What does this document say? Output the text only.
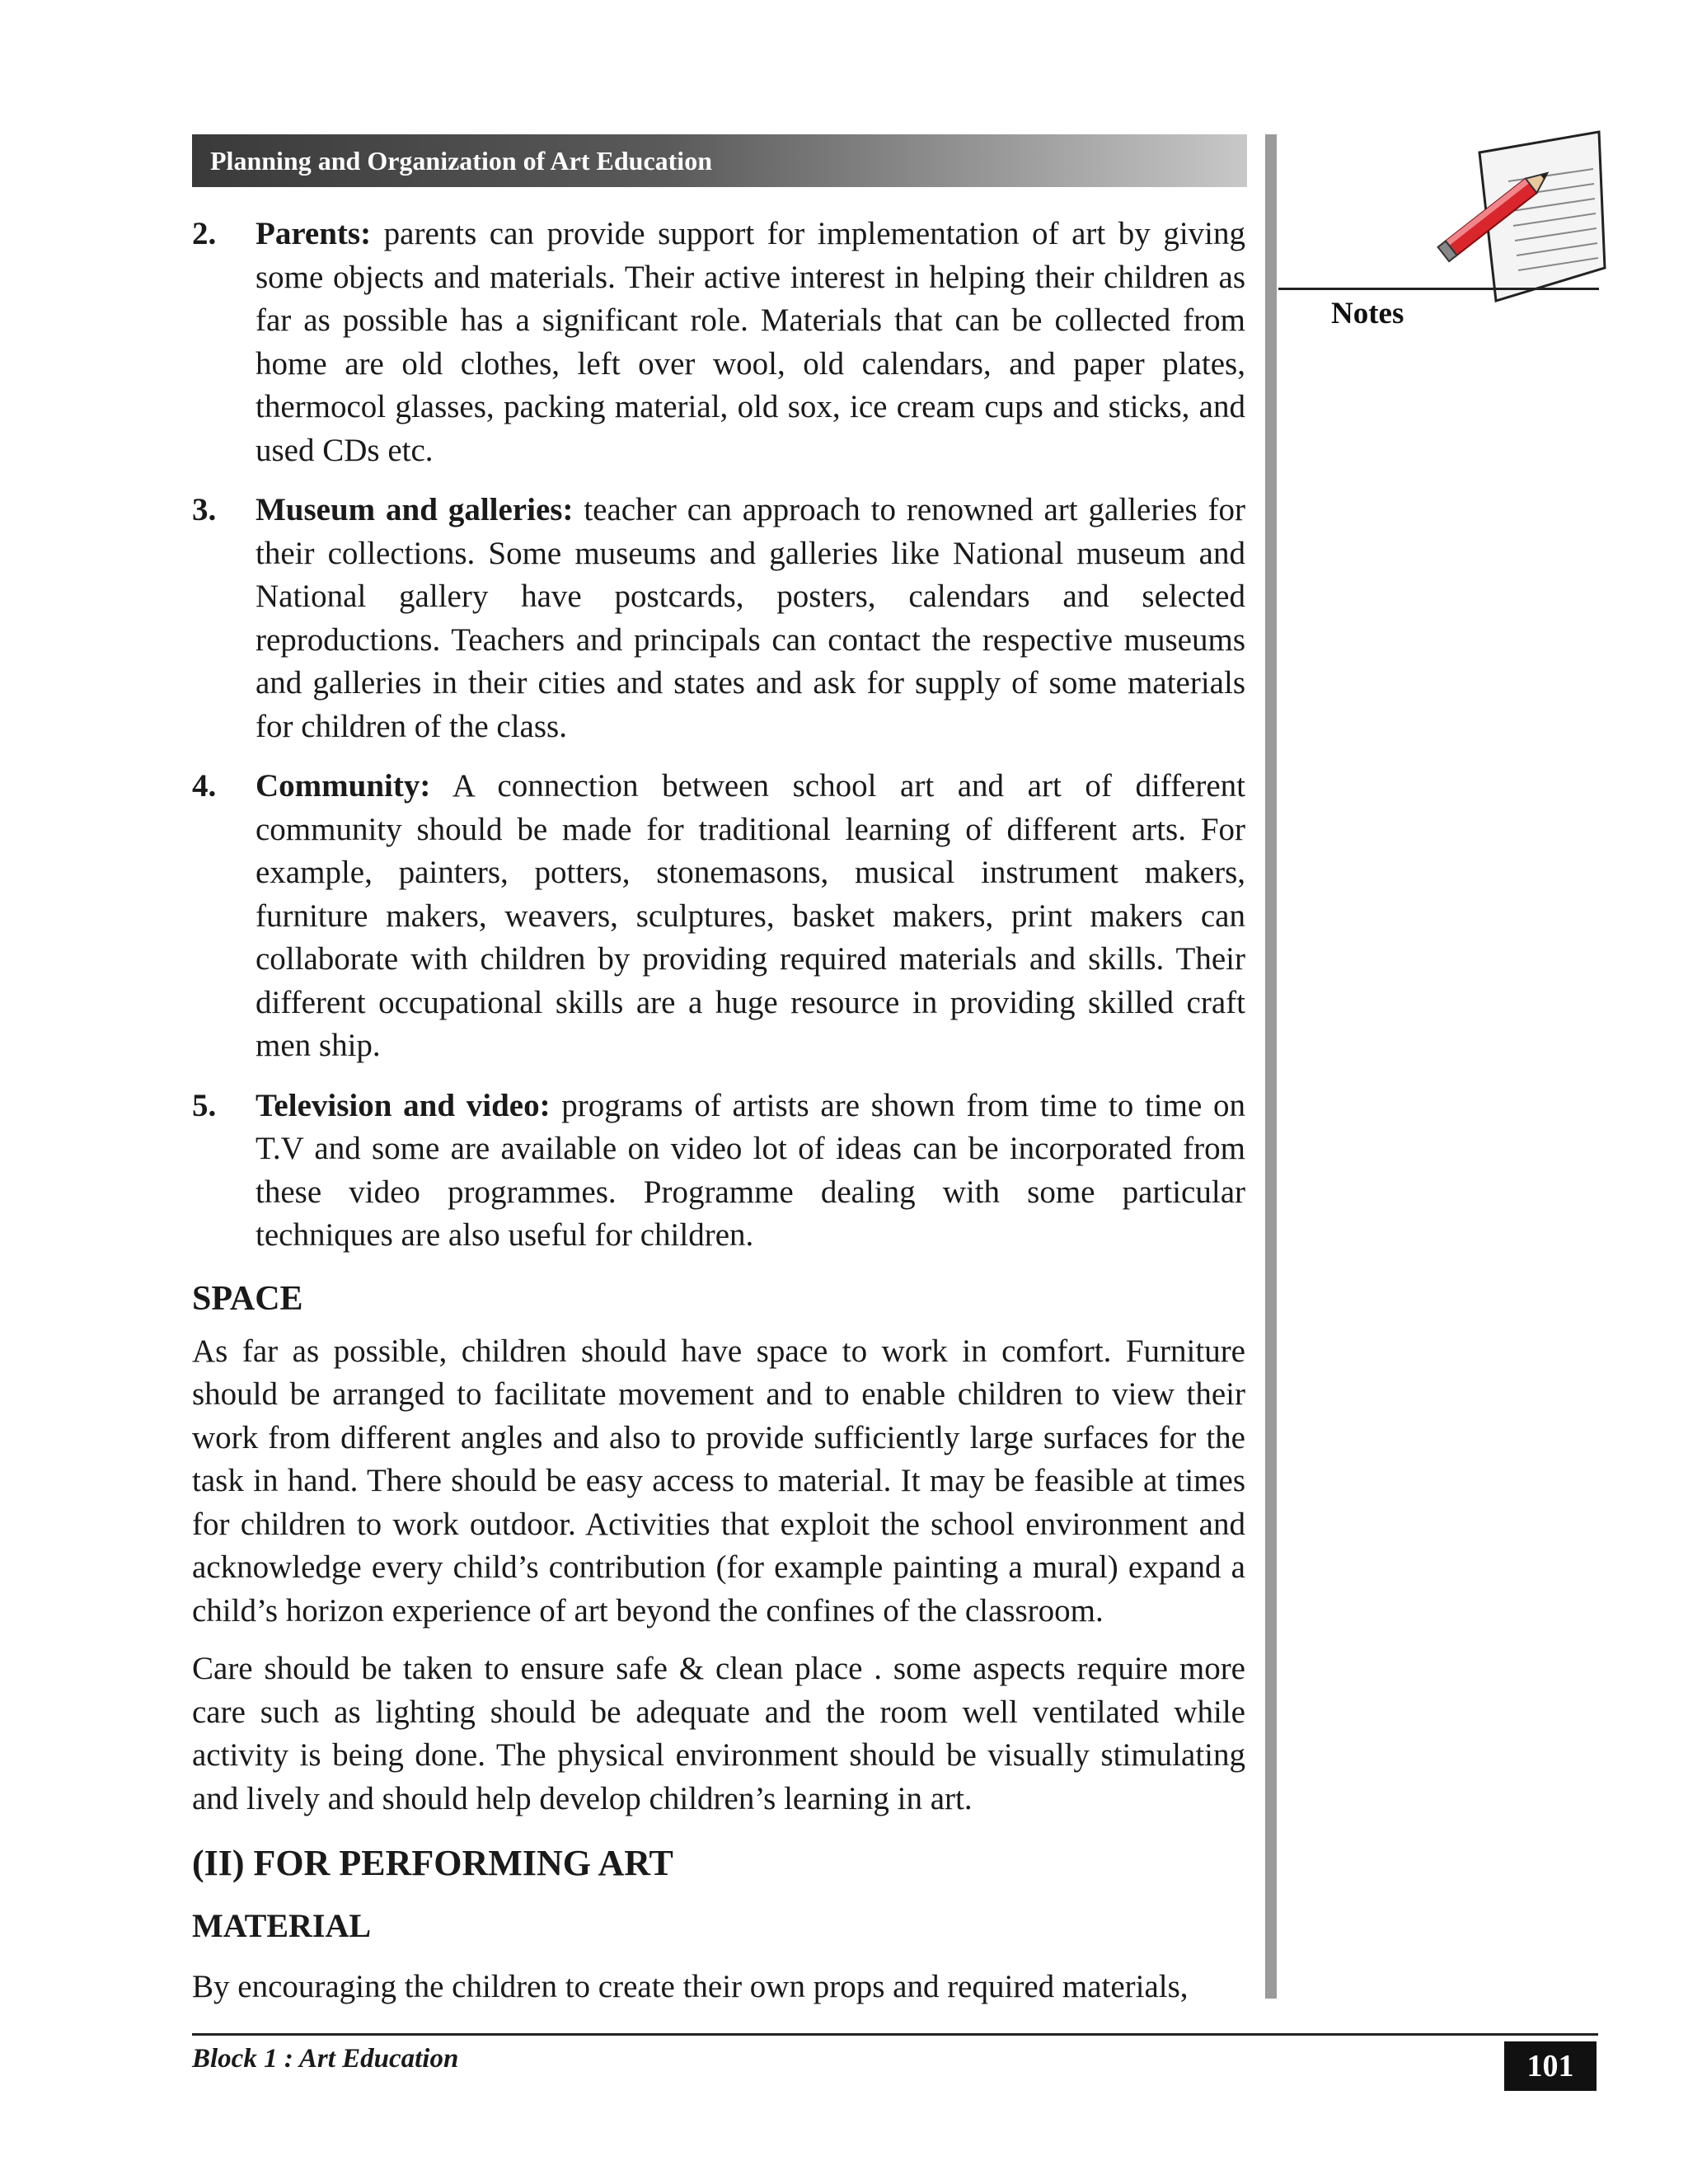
Planning and Organization of Art Education
Notes
2.	Parents: parents can provide support for implementation of art by giving some objects and materials. Their active interest in helping their children as far as possible has a significant role. Materials that can be collected from home are old clothes, left over wool, old calendars, and paper plates, thermocol glasses, packing material, old sox, ice cream cups and sticks, and used CDs etc.
3.	Museum and galleries: teacher can approach to renowned art galleries for their collections. Some museums and galleries like National museum and National gallery have postcards, posters, calendars and selected reproductions. Teachers and principals can contact the respective museums and galleries in their cities and states and ask for supply of some materials for children of the class.
4.	Community: A connection between school art and art of different community should be made for traditional learning of different arts. For example, painters, potters, stonemasons, musical instrument makers, furniture makers, weavers, sculptures, basket makers, print makers can collaborate with children by providing required materials and skills. Their different occupational skills are a huge resource in providing skilled craft men ship.
5.	Television and video: programs of artists are shown from time to time on T.V and some are available on video lot of ideas can be incorporated from these video programmes. Programme dealing with some particular techniques are also useful for children.
SPACE

As far as possible, children should have space to work in comfort. Furniture should be arranged to facilitate movement and to enable children to view their work from different angles and also to provide sufficiently large surfaces for the task in hand. There should be easy access to material. It may be feasible at times for children to work outdoor. Activities that exploit the school environment and acknowledge every child’s contribution (for example painting a mural) expand a child’s horizon experience of art beyond the confines of the classroom.

Care should be taken to ensure safe & clean place . some aspects require more care such as lighting should be adequate and the room well ventilated while activity is being done. The physical environment should be visually stimulating and lively and should help develop children’s learning in art.

(II) FOR PERFORMING ART
MATERIAL

By encouraging the children to create their own props and required materials,

Block 1 : Art Education	101
